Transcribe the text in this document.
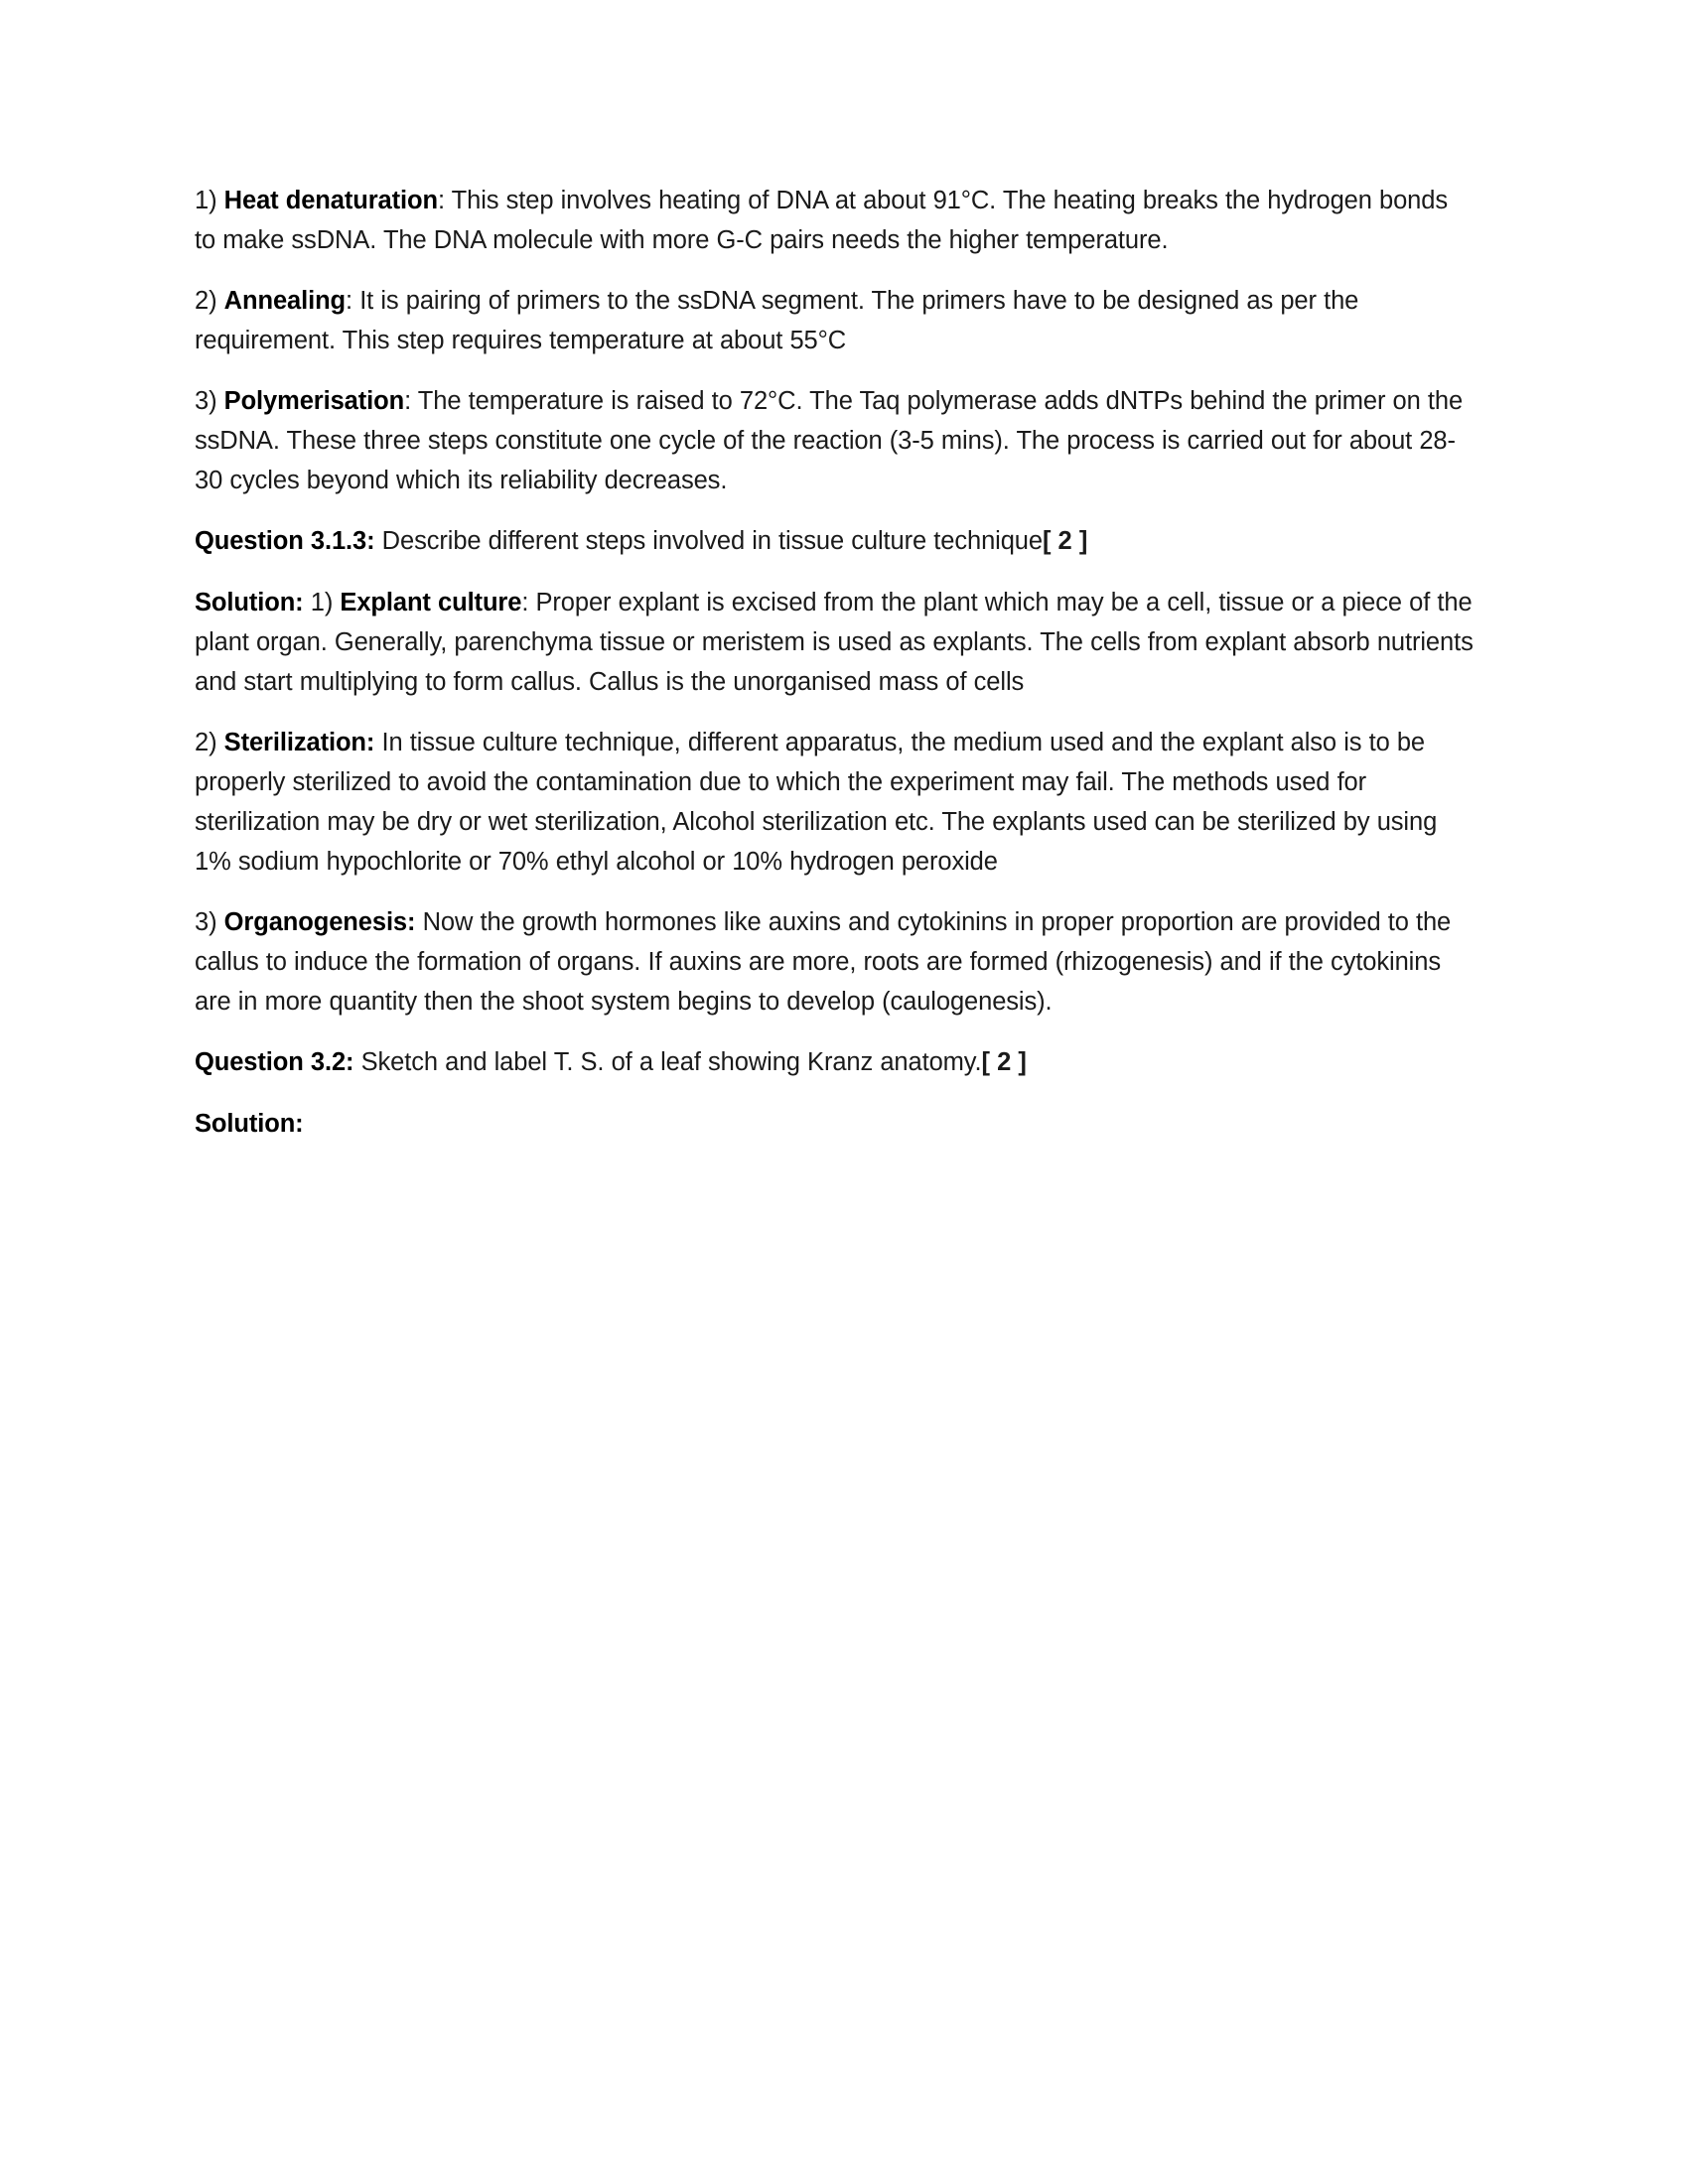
1) Heat denaturation: This step involves heating of DNA at about 91°C. The heating breaks the hydrogen bonds to make ssDNA. The DNA molecule with more G-C pairs needs the higher temperature.

2) Annealing: It is pairing of primers to the ssDNA segment. The primers have to be designed as per the requirement. This step requires temperature at about 55°C

3) Polymerisation: The temperature is raised to 72°C. The Taq polymerase adds dNTPs behind the primer on the ssDNA. These three steps constitute one cycle of the reaction (3-5 mins). The process is carried out for about 28-30 cycles beyond which its reliability decreases.

Question 3.1.3: Describe different steps involved in tissue culture technique[ 2 ]

Solution: 1) Explant culture: Proper explant is excised from the plant which may be a cell, tissue or a piece of the plant organ. Generally, parenchyma tissue or meristem is used as explants. The cells from explant absorb nutrients and start multiplying to form callus. Callus is the unorganised mass of cells

2) Sterilization: In tissue culture technique, different apparatus, the medium used and the explant also is to be properly sterilized to avoid the contamination due to which the experiment may fail. The methods used for sterilization may be dry or wet sterilization, Alcohol sterilization etc. The explants used can be sterilized by using 1% sodium hypochlorite or 70% ethyl alcohol or 10% hydrogen peroxide

3) Organogenesis: Now the growth hormones like auxins and cytokinins in proper proportion are provided to the callus to induce the formation of organs. If auxins are more, roots are formed (rhizogenesis) and if the cytokinins are in more quantity then the shoot system begins to develop (caulogenesis).

Question 3.2: Sketch and label T. S. of a leaf showing Kranz anatomy.[ 2 ]

Solution:
